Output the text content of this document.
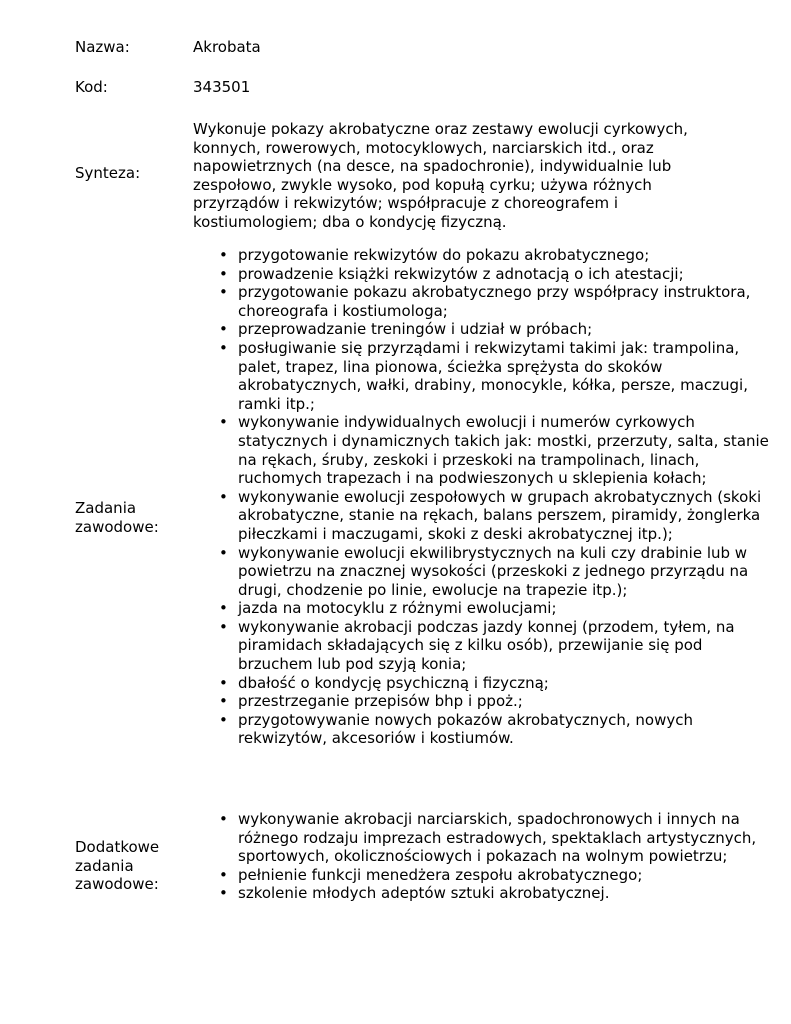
Nazwa:	Akrobata
Kod:	343501
Synteza:
Wykonuje pokazy akrobatyczne oraz zestawy ewolucji cyrkowych, konnych, rowerowych, motocyklowych, narciarskich itd., oraz napowietrznych (na desce, na spadochronie), indywidualnie lub zespołowo, zwykle wysoko, pod kopułą cyrku; używa różnych przyrządów i rekwizytów; współpracuje z choreografem i kostiumologiem; dba o kondycję fizyczną.
Zadania zawodowe:
• przygotowanie rekwizytów do pokazu akrobatycznego;
• prowadzenie książki rekwizytów z adnotacją o ich atestacji;
• przygotowanie pokazu akrobatycznego przy współpracy instruktora, choreografa i kostiumologa;
• przeprowadzanie treningów i udział w próbach;
• posługiwanie się przyrządami i rekwizytami takimi jak: trampolina, palet, trapez, lina pionowa, ścieżka sprężysta do skoków akrobatycznych, wałki, drabiny, monocykle, kółka, persze, maczugi, ramki itp.;
• wykonywanie indywidualnych ewolucji i numerów cyrkowych statycznych i dynamicznych takich jak: mostki, przerzuty, salta, stanie na rękach, śruby, zeskoki i przeskoki na trampolinach, linach, ruchomych trapezach i na podwieszonych u sklepienia kołach;
• wykonywanie ewolucji zespołowych w grupach akrobatycznych (skoki akrobatyczne, stanie na rękach, balans perszem, piramidy, żonglerka piłeczkami i maczugami, skoki z deski akrobatycznej itp.);
• wykonywanie ewolucji ekwilibrystycznych na kuli czy drabinie lub w powietrzu na znacznej wysokości (przeskoki z jednego przyrządu na drugi, chodzenie po linie, ewolucje na trapezie itp.);
• jazda na motocyklu z różnymi ewolucjami;
• wykonywanie akrobacji podczas jazdy konnej (przodem, tyłem, na piramidach składających się z kilku osób), przewijanie się pod brzuchem lub pod szyją konia;
• dbałość o kondycję psychiczną i fizyczną;
• przestrzeganie przepisów bhp i ppoż.;
• przygotowywanie nowych pokazów akrobatycznych, nowych rekwizytów, akcesoriów i kostiumów.
Dodatkowe zadania zawodowe:
• wykonywanie akrobacji narciarskich, spadochronowych i innych na różnego rodzaju imprezach estradowych, spektaklach artystycznych, sportowych, okolicznościowych i pokazach na wolnym powietrzu;
• pełnienie funkcji menedżera zespołu akrobatycznego;
• szkolenie młodych adeptów sztuki akrobatycznej.
